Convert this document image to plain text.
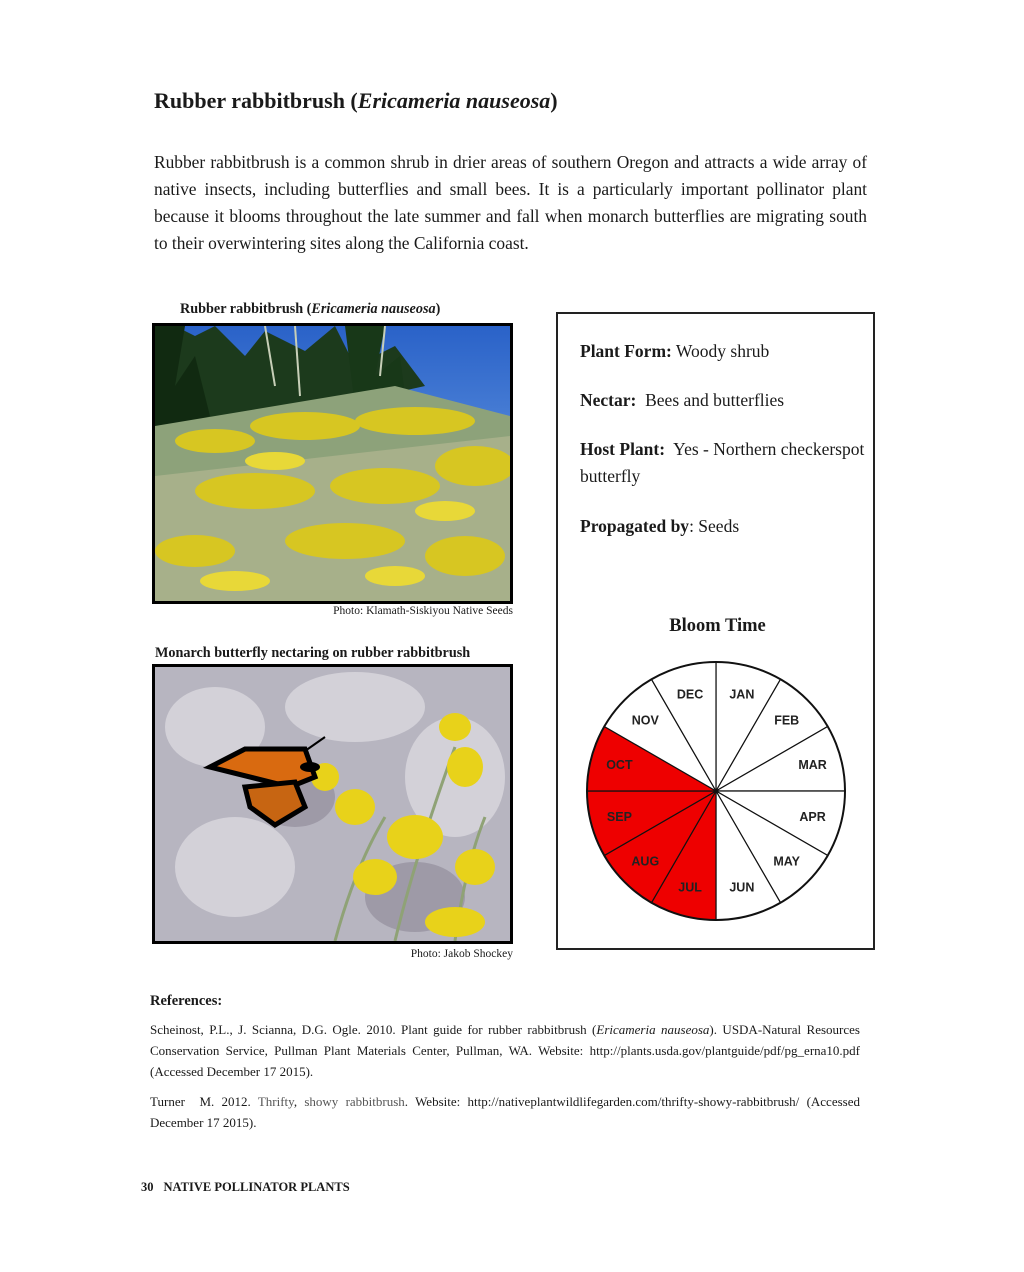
Rubber rabbitbrush (Ericameria nauseosa)
Rubber rabbitbrush is a common shrub in drier areas of southern Oregon and attracts a wide array of native insects, including butterflies and small bees. It is a particularly important pollinator plant because it blooms throughout the late summer and fall when monarch butterflies are migrating south to their overwintering sites along the California coast.
Rubber rabbitbrush (Ericameria nauseosa)
Photo: Klamath-Siskiyou Native Seeds
Monarch butterfly nectaring on rubber rabbitbrush
Photo: Jakob Shockey
Plant Form: Woody shrub
Nectar:  Bees and butterflies
Host Plant:  Yes - Northern checkerspot butterfly
Propagated by: Seeds
Bloom Time
JAN
FEB
MAR
APR
MAY
JUN
JUL
AUG
SEP
OCT
NOV
DEC
References:
Scheinost, P.L., J. Scianna, D.G. Ogle. 2010. Plant guide for rubber rabbitbrush (Ericameria nauseosa). USDA-Natural Resources Conservation Service, Pullman Plant Materials Center, Pullman, WA. Website: http://plants.usda.gov/plantguide/pdf/pg_erna10.pdf (Accessed December 17 2015).
Turner  M. 2012. Thrifty, showy rabbitbrush. Website: http://nativeplantwildlifegarden.com/thrifty-showy-rabbitbrush/ (Accessed December 17 2015).
30 NATIVE POLLINATOR PLANTS
